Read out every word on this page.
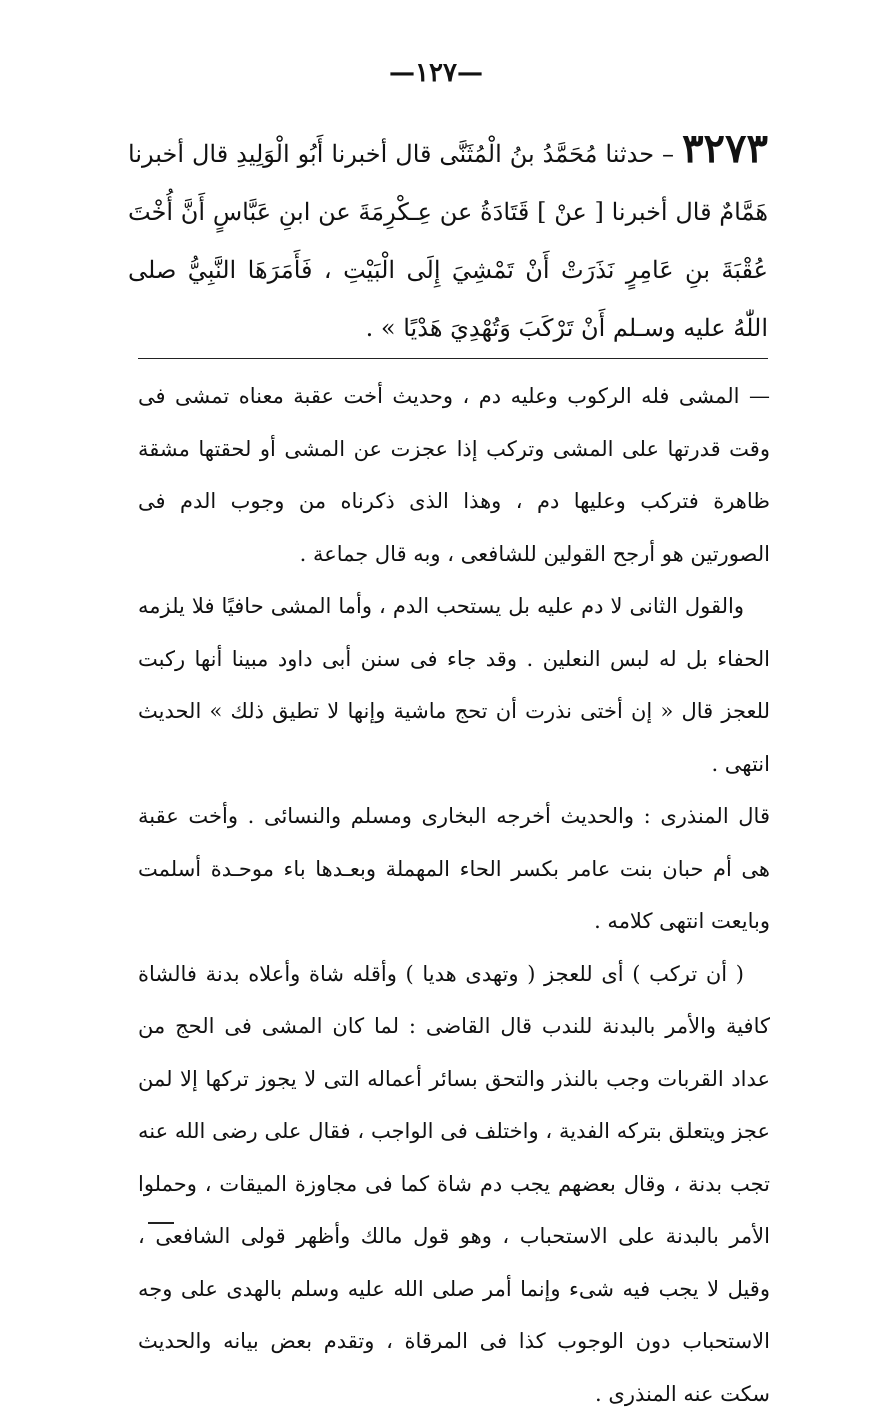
—١٢٧—
٣٢٧٣– حدثنا مُحَمَّدُ بنُ الْمُثَنَّى قال أخبرنا أَبُو الْوَلِيدِ قال أخبرنا هَمَّامٌ قال أخبرنا [ عنْ ] قَتَادَةُ عن عِـكْرِمَةَ عن ابنِ عَبَّاسٍ أَنَّ أُخْتَ عُقْبَةَ بنِ عَامِرٍ نَذَرَتْ أَنْ تَمْشِيَ إِلَى الْبَيْتِ ، فَأَمَرَهَا النَّبِيُّ صلى اللّٰهُ عليه وسـلم أَنْ تَرْكَبَ وَتُهْدِيَ هَدْيًا » .

— المشى فله الركوب وعليه دم ، وحديث أخت عقبة معناه تمشى فى وقت قدرتها على المشى وتركب إذا عجزت عن المشى أو لحقتها مشقة ظاهرة فتركب وعليها دم ، وهذا الذى ذكرناه من وجوب الدم فى الصورتين هو أرجح القولين للشافعى ، وبه قال جماعة .

والقول الثانى لا دم عليه بل يستحب الدم ، وأما المشى حافيًا فلا يلزمه الحفاء بل له لبس النعلين . وقد جاء فى سنن أبى داود مبينا أنها ركبت للعجز قال « إن أختى نذرت أن تحج ماشية وإنها لا تطيق ذلك » الحديث انتهى .

قال المنذرى : والحديث أخرجه البخارى ومسلم والنسائى . وأخت عقبة هى أم حبان بنت عامر بكسر الحاء المهملة وبعـدها باء موحـدة أسلمت وبايعت انتهى كلامه .

( أن تركب ) أى للعجز ( وتهدى هديا ) وأقله شاة وأعلاه بدنة فالشاة كافية والأمر بالبدنة للندب قال القاضى : لما كان المشى فى الحج من عداد القربات وجب بالنذر والتحق بسائر أعماله التى لا يجوز تركها إلا لمن عجز ويتعلق بتركه الفدية ، واختلف فى الواجب ، فقال على رضى الله عنه تجب بدنة ، وقال بعضهم يجب دم شاة كما فى مجاوزة الميقات ، وحملوا الأمر بالبدنة على الاستحباب ، وهو قول مالك وأظهر قولى الشافعى ، وقيل لا يجب فيه شىء وإنما أمر صلى الله عليه وسلم بالهدى على وجه الاستحباب دون الوجوب كذا فى المرقاة ، وتقدم بعض بيانه والحديث سكت عنه المنذرى .
